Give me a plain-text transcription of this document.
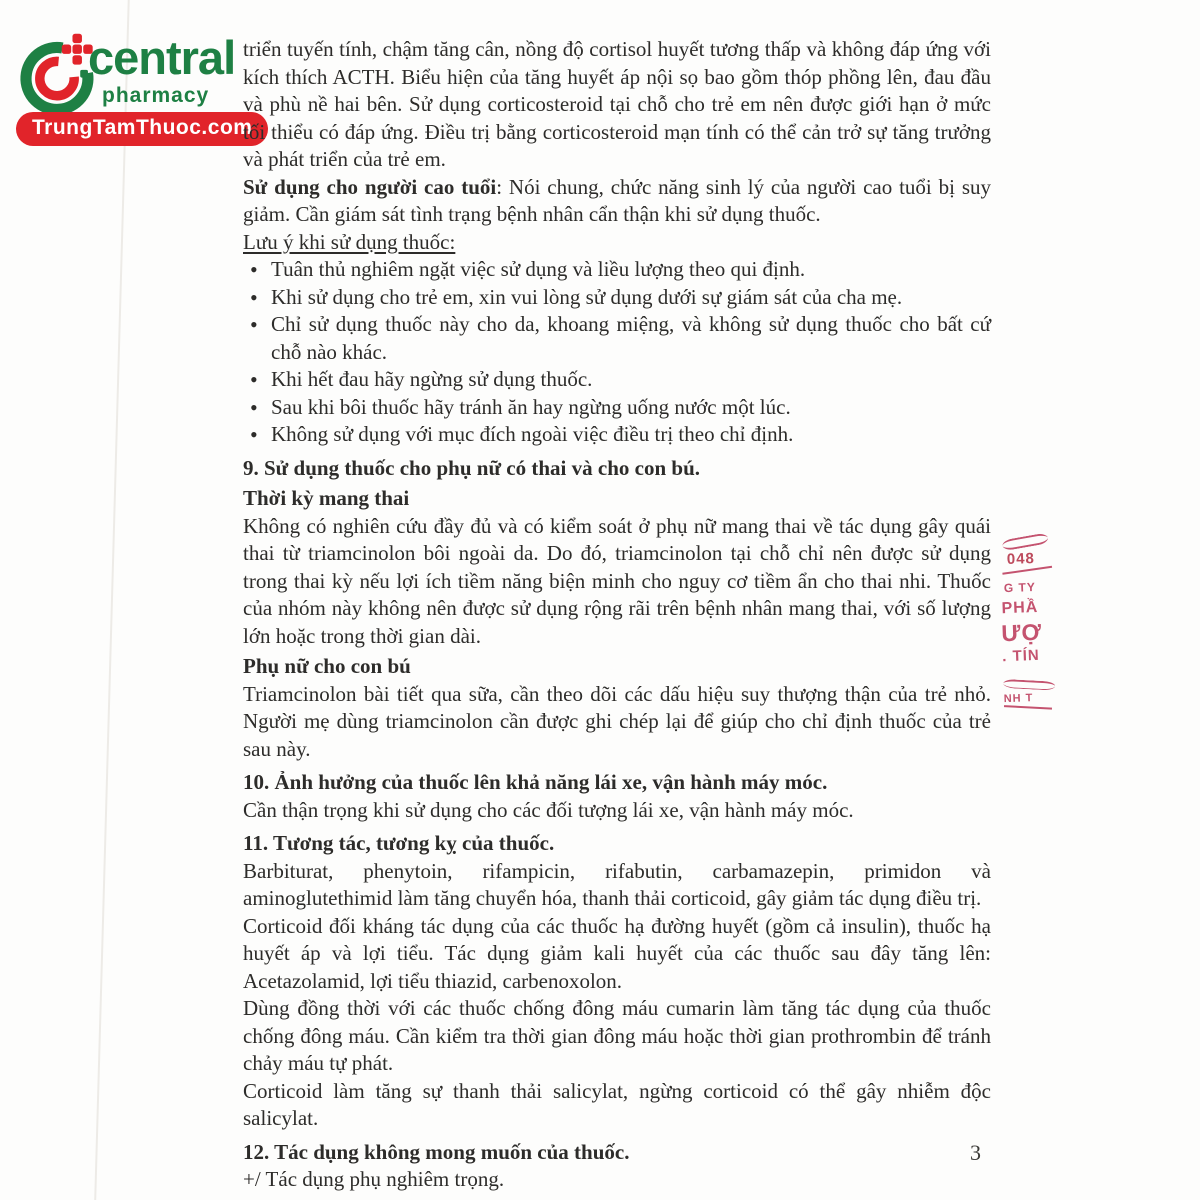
central
pharmacy
TrungTamThuoc.com

triển tuyến tính, chậm tăng cân, nồng độ cortisol huyết tương thấp và không đáp ứng với kích thích ACTH. Biểu hiện của tăng huyết áp nội sọ bao gồm thóp phồng lên, đau đầu và phù nề hai bên. Sử dụng corticosteroid tại chỗ cho trẻ em nên được giới hạn ở mức tối thiểu có đáp ứng. Điều trị bằng corticosteroid mạn tính có thể cản trở sự tăng trưởng và phát triển của trẻ em.

Sử dụng cho người cao tuổi: Nói chung, chức năng sinh lý của người cao tuổi bị suy giảm. Cần giám sát tình trạng bệnh nhân cẩn thận khi sử dụng thuốc.

Lưu ý khi sử dụng thuốc:

• Tuân thủ nghiêm ngặt việc sử dụng và liều lượng theo qui định.
• Khi sử dụng cho trẻ em, xin vui lòng sử dụng dưới sự giám sát của cha mẹ.
• Chỉ sử dụng thuốc này cho da, khoang miệng, và không sử dụng thuốc cho bất cứ chỗ nào khác.
• Khi hết đau hãy ngừng sử dụng thuốc.
• Sau khi bôi thuốc hãy tránh ăn hay ngừng uống nước một lúc.
• Không sử dụng với mục đích ngoài việc điều trị theo chỉ định.

9. Sử dụng thuốc cho phụ nữ có thai và cho con bú.

Thời kỳ mang thai

Không có nghiên cứu đầy đủ và có kiểm soát ở phụ nữ mang thai về tác dụng gây quái thai từ triamcinolon bôi ngoài da. Do đó, triamcinolon tại chỗ chỉ nên được sử dụng trong thai kỳ nếu lợi ích tiềm năng biện minh cho nguy cơ tiềm ẩn cho thai nhi. Thuốc của nhóm này không nên được sử dụng rộng rãi trên bệnh nhân mang thai, với số lượng lớn hoặc trong thời gian dài.

Phụ nữ cho con bú

Triamcinolon bài tiết qua sữa, cần theo dõi các dấu hiệu suy thượng thận của trẻ nhỏ. Người mẹ dùng triamcinolon cần được ghi chép lại để giúp cho chỉ định thuốc của trẻ sau này.

10. Ảnh hưởng của thuốc lên khả năng lái xe, vận hành máy móc.

Cần thận trọng khi sử dụng cho các đối tượng lái xe, vận hành máy móc.

11. Tương tác, tương kỵ của thuốc.

Barbiturat, phenytoin, rifampicin, rifabutin, carbamazepin, primidon và aminoglutethimid làm tăng chuyển hóa, thanh thải corticoid, gây giảm tác dụng điều trị.

Corticoid đối kháng tác dụng của các thuốc hạ đường huyết (gồm cả insulin), thuốc hạ huyết áp và lợi tiểu. Tác dụng giảm kali huyết của các thuốc sau đây tăng lên: Acetazolamid, lợi tiểu thiazid, carbenoxolon.

Dùng đồng thời với các thuốc chống đông máu cumarin làm tăng tác dụng của thuốc chống đông máu. Cần kiểm tra thời gian đông máu hoặc thời gian prothrombin để tránh chảy máu tự phát.

Corticoid làm tăng sự thanh thải salicylat, ngừng corticoid có thể gây nhiễm độc salicylat.

12. Tác dụng không mong muốn của thuốc.

+/ Tác dụng phụ nghiêm trọng.

048
G TY
PHẦ
ƯỢ
. TÍN
NH T
3
